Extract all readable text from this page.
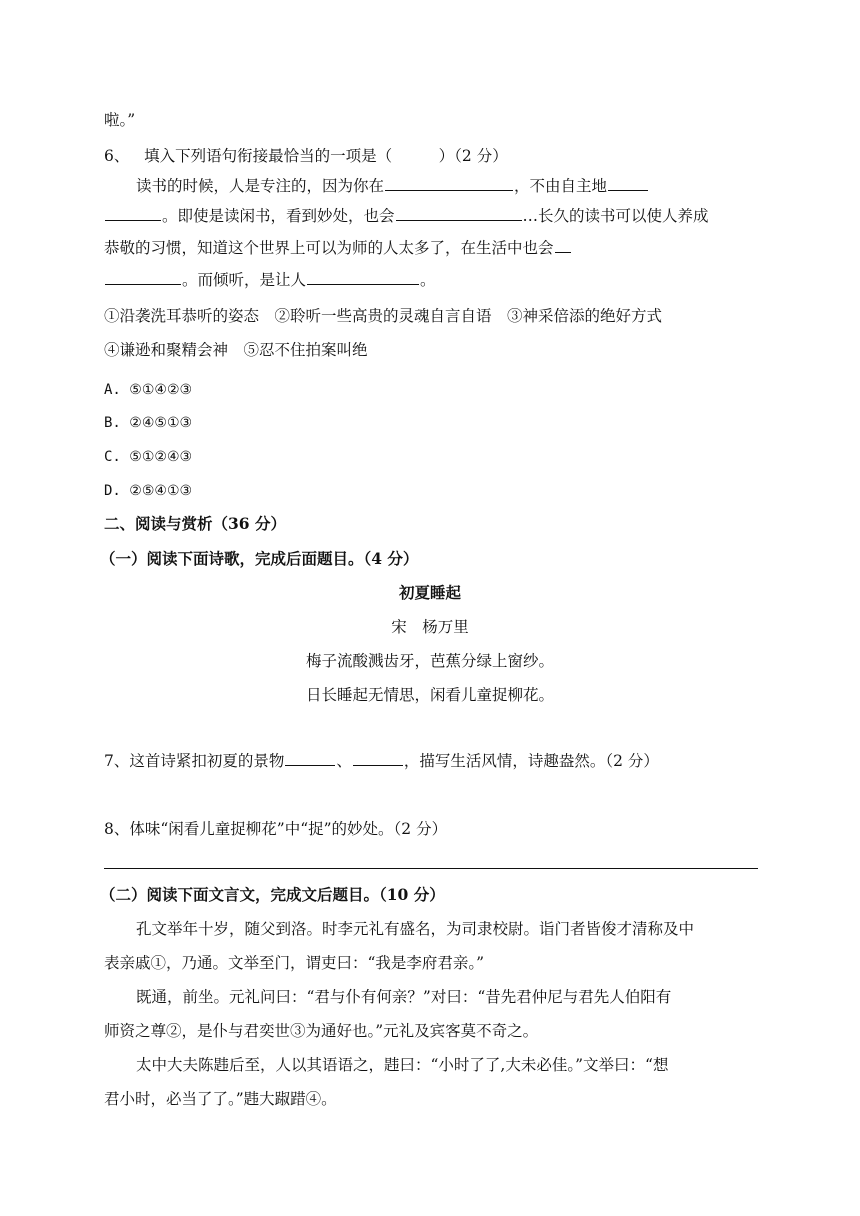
啦。”
6、 填入下列语句衔接最恰当的一项是（　　　）（2 分）
读书的时候，人是专注的，因为你在	，不由自主地
。即使是读闲书，看到妙处，也会	…长久的读书可以使人养成
恭敬的习惯，知道这个世界上可以为师的人太多了，在生活中也会
。而倾听，是让人	。
①沿袭洗耳恭听的姿态　②聆听一些高贵的灵魂自言自语　③神采倍添的绝好方式
④谦逊和聚精会神　⑤忍不住拍案叫绝
A. ⑤①④②③
B. ②④⑤①③
C. ⑤①②④③
D. ②⑤④①③
二、阅读与赏析（36 分）
（一）阅读下面诗歌，完成后面题目。（4 分）
初夏睡起
宋　杨万里
梅子流酸溅齿牙，芭蕉分绿上窗纱。
日长睡起无情思，闲看儿童捉柳花。
7、这首诗紧扣初夏的景物	、	，描写生活风情，诗趣盎然。（2 分）
8、体味“闲看儿童捉柳花”中“捉”的妙处。（2 分）
（二）阅读下面文言文，完成文后题目。（10 分）
孔文举年十岁，随父到洛。时李元礼有盛名，为司隶校尉。诣门者皆俊才清称及中
表亲戚①，乃通。文举至门，谓吏曰：“我是李府君亲。”
既通，前坐。元礼问曰：“君与仆有何亲？”对曰：“昔先君仲尼与君先人伯阳有
师资之尊②，是仆与君奕世③为通好也。”元礼及宾客莫不奇之。
太中大夫陈韪后至，人以其语语之，韪曰：“小时了了,大未必佳。”文举曰：“想
君小时，必当了了。”韪大踧踖④。
